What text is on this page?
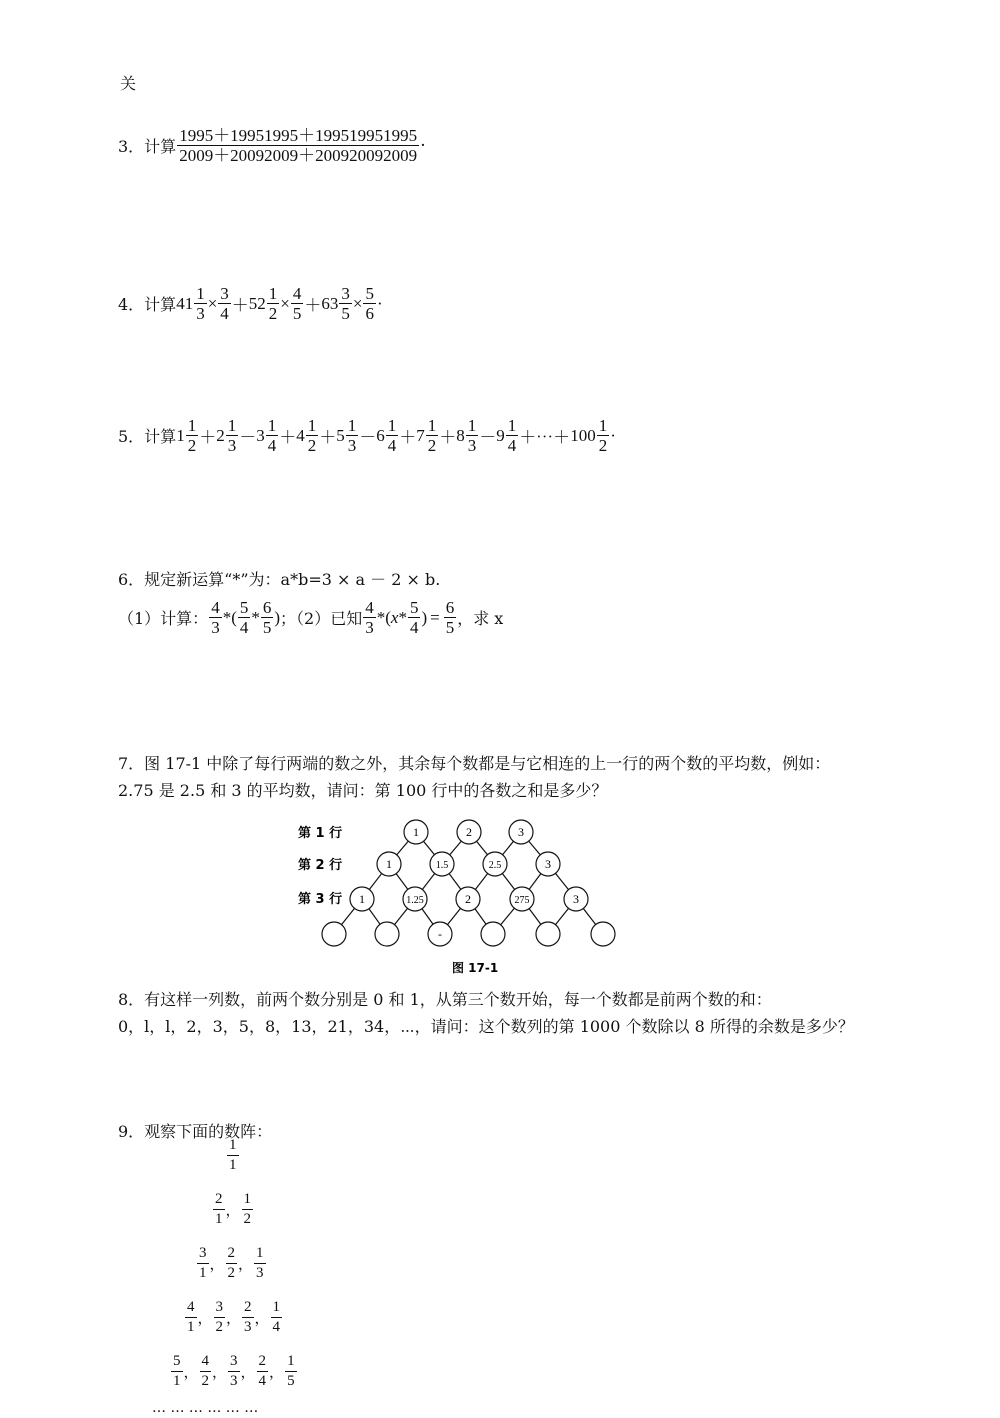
关
3．计算 $\frac{1995+19951995+199519951995}{2009+20092009+200920092009}$ ·
4．计算 $41 \frac{1}{3} \times \frac{3}{4} + 52 \frac{1}{2} \times \frac{4}{5} + 63 \frac{3}{5} \times \frac{5}{6}$ ·
5．计算 $1 \frac{1}{2} + 2 \frac{1}{3} - 3 \frac{1}{4} + 4 \frac{1}{2} + 5 \frac{1}{3} - 6 \frac{1}{4} + 7 \frac{1}{2} + 8 \frac{1}{3} - 9 \frac{1}{4}$ ＋⋯＋ $100 \frac{1}{2}$ ·
6．规定新运算“*”为：a*b=3 × a － 2 × b.
（1）计算： $\frac{4}{3}$ * ( $\frac{5}{4} * \frac{6}{5}$ ) ；（2）已知 $\frac{4}{3}$ * ( x * $\frac{5}{4}$ ) = $\frac{6}{5}$ ，求 x
7．图 17-1 中除了每行两端的数之外，其余每个数都是与它相连的上一行的两个数的平均数，例如：
2.75 是 2.5 和 3 的平均数，请问：第 100 行中的各数之和是多少？
1	2	3
1	1.5	2.5	3
1	1.25	2	275	3
-
第 1 行
第 2 行
第 3 行
图 17-1
8．有这样一列数，前两个数分别是 0 和 1，从第三个数开始，每一个数都是前两个数的和：
0，l，l，2，3，5，8，13，21，34，⋯，请问：这个数列的第 1000 个数除以 8 所得的余数是多少？
9．观察下面的数阵：
$\frac{1}{1}$
$\frac{2}{1}$ ， $\frac{1}{2}$
$\frac{3}{1}$ ， $\frac{2}{2}$ ， $\frac{1}{3}$
$\frac{4}{1}$ ， $\frac{3}{2}$ ， $\frac{2}{3}$ ， $\frac{1}{4}$
$\frac{5}{1}$ ， $\frac{4}{2}$ ， $\frac{3}{3}$ ， $\frac{2}{4}$ ， $\frac{1}{5}$
… … … … … …
